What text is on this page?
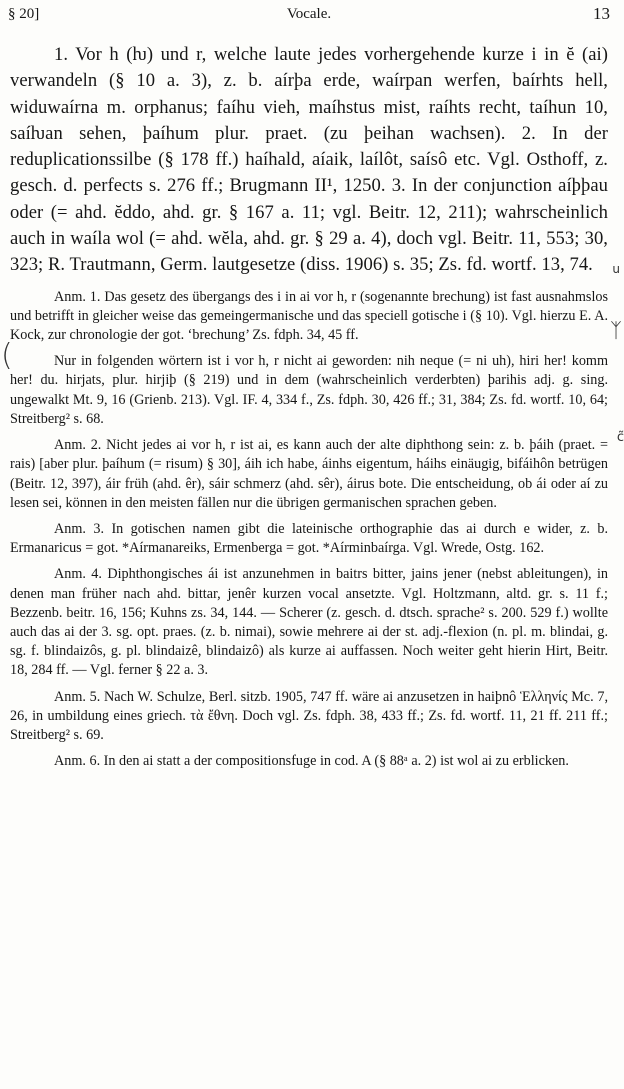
§ 20]	Vocale.	13

1. Vor h (ƕ) und r, welche laute jedes vorhergehende kurze i in ĕ (ai) verwandeln (§ 10 a. 3), z. b. aírþa erde, waírpan werfen, baírhts hell, widuwaírna m. orphanus; faíhu vieh, maíhstus mist, raíhts recht, taíhun 10, saíƕan sehen, þaíhum plur. praet. (zu þeihan wachsen). 2. In der reduplicationssilbe (§ 178 ff.) haíhald, aíaik, laílôt, saísô etc. Vgl. Osthoff, z. gesch. d. perfects s. 276 ff.; Brugmann II¹, 1250. 3. In der conjunction aíþþau oder (= ahd. ĕddo, ahd. gr. § 167 a. 11; vgl. Beitr. 12, 211); wahrscheinlich auch in waíla wol (= ahd. wĕla, ahd. gr. § 29 a. 4), doch vgl. Beitr. 11, 553; 30, 323; R. Trautmann, Germ. lautgesetze (diss. 1906) s. 35; Zs. fd. wortf. 13, 74.

Anm. 1. Das gesetz des übergangs des i in ai vor h, r (sogenannte brechung) ist fast ausnahmslos und betrifft in gleicher weise das gemeingermanische und das speciell gotische i (§ 10). Vgl. hierzu E. A. Kock, zur chronologie der got. ‘brechung’ Zs. fdph. 34, 45 ff.

Nur in folgenden wörtern ist i vor h, r nicht ai geworden: nih neque (= ni uh), hiri her! komm her! du. hirjats, plur. hirjiþ (§ 219) und in dem (wahrscheinlich verderbten) þarihis adj. g. sing. ungewalkt Mt. 9, 16 (Grienb. 213). Vgl. IF. 4, 334 f., Zs. fdph. 30, 426 ff.; 31, 384; Zs. fd. wortf. 10, 64; Streitberg² s. 68.

Anm. 2. Nicht jedes ai vor h, r ist ai, es kann auch der alte diphthong sein: z. b. þáih (praet. = rais) [aber plur. þaíhum (= risum) § 30], áih ich habe, áinhs eigentum, háihs einäugig, bifáihôn betrügen (Beitr. 12, 397), áir früh (ahd. êr), sáir schmerz (ahd. sêr), áirus bote. Die entscheidung, ob ái oder aí zu lesen sei, können in den meisten fällen nur die übrigen germanischen sprachen geben.

Anm. 3. In gotischen namen gibt die lateinische orthographie das ai durch e wider, z. b. Ermanaricus = got. *Aírmanareiks, Ermenberga = got. *Aírminbaírga. Vgl. Wrede, Ostg. 162.

Anm. 4. Diphthongisches ái ist anzunehmen in baitrs bitter, jains jener (nebst ableitungen), in denen man früher nach ahd. bittar, jenêr kurzen vocal ansetzte. Vgl. Holtzmann, altd. gr. s. 11 f.; Bezzenb. beitr. 16, 156; Kuhns zs. 34, 144. — Scherer (z. gesch. d. dtsch. sprache² s. 200. 529 f.) wollte auch das ai der 3. sg. opt. praes. (z. b. nimai), sowie mehrere ai der st. adj.-flexion (n. pl. m. blindai, g. sg. f. blindaizôs, g. pl. blindaizê, blindaizô) als kurze ai auffassen. Noch weiter geht hierin Hirt, Beitr. 18, 284 ff. — Vgl. ferner § 22 a. 3.

Anm. 5. Nach W. Schulze, Berl. sitzb. 1905, 747 ff. wäre ai anzusetzen in haiþnô Ἑλληνίς Mc. 7, 26, in umbildung eines griech. τὰ ἔθνη. Doch vgl. Zs. fdph. 38, 433 ff.; Zs. fd. wortf. 11, 21 ff. 211 ff.; Streitberg² s. 69.

Anm. 6. In den ai statt a der compositionsfuge in cod. A (§ 88ᵃ a. 2) ist wol ai zu erblicken.

u
ᛉ
c̃
(
